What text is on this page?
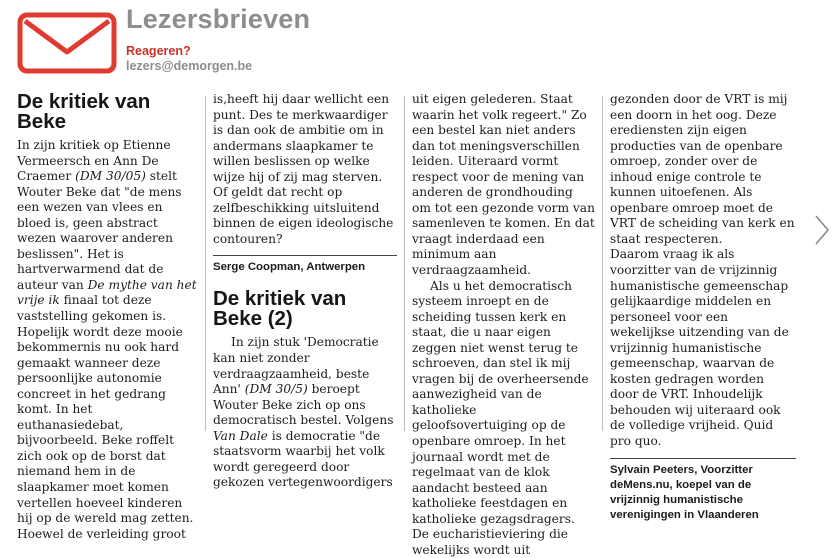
Lezersbrieven
Reageren?
lezers@demorgen.be
De kritiek van Beke

In zijn kritiek op Etienne Vermeersch en Ann De Craemer (DM 30/05) stelt Wouter Beke dat "de mens een wezen van vlees en bloed is, geen abstract wezen waarover anderen beslissen". Het is hartverwarmend dat de auteur van De mythe van het vrije ik finaal tot deze vaststelling gekomen is. Hopelijk wordt deze mooie bekommernis nu ook hard gemaakt wanneer deze persoonlijke autonomie concreet in het gedrang komt. In het euthanasiedebat, bijvoorbeeld. Beke roffelt zich ook op de borst dat niemand hem in de slaapkamer moet komen vertellen hoeveel kinderen hij op de wereld mag zetten. Hoewel de verleiding groot

is,heeft hij daar wellicht een punt. Des te merkwaardiger is dan ook de ambitie om in andermans slaapkamer te willen beslissen op welke wijze hij of zij mag sterven. Of geldt dat recht op zelfbeschikking uitsluitend binnen de eigen ideologische contouren?

Serge Coopman, Antwerpen
De kritiek van Beke (2)

In zijn stuk 'Democratie kan niet zonder verdraagzaamheid, beste Ann' (DM 30/5) beroept Wouter Beke zich op ons democratisch bestel. Volgens Van Dale is democratie "de staatsvorm waarbij het volk wordt geregeerd door gekozen vertegenwoordigers

uit eigen gelederen. Staat waarin het volk regeert." Zo een bestel kan niet anders dan tot meningsverschillen leiden. Uiteraard vormt respect voor de mening van anderen de grondhouding om tot een gezonde vorm van samenleven te komen. En dat vraagt inderdaad een minimum aan verdraagzaamheid.

Als u het democratisch systeem inroept en de scheiding tussen kerk en staat, die u naar eigen zeggen niet wenst terug te schroeven, dan stel ik mij vragen bij de overheersende aanwezigheid van de katholieke geloofsovertuiging op de openbare omroep. In het journaal wordt met de regelmaat van de klok aandacht besteed aan katholieke feestdagen en katholieke gezagsdragers. De eucharistieviering die wekelijks wordt uit

gezonden door de VRT is mij een doorn in het oog. Deze erediensten zijn eigen producties van de openbare omroep, zonder over de inhoud enige controle te kunnen uitoefenen. Als openbare omroep moet de VRT de scheiding van kerk en staat respecteren.

Daarom vraag ik als voorzitter van de vrijzinnig humanistische gemeenschap gelijkaardige middelen en personeel voor een wekelijkse uitzending van de vrijzinnig humanistische gemeenschap, waarvan de kosten gedragen worden door de VRT. Inhoudelijk behouden wij uiteraard ook de volledige vrijheid. Quid pro quo.

Sylvain Peeters, Voorzitter deMens.nu, koepel van de vrijzinnig humanistische verenigingen in Vlaanderen
